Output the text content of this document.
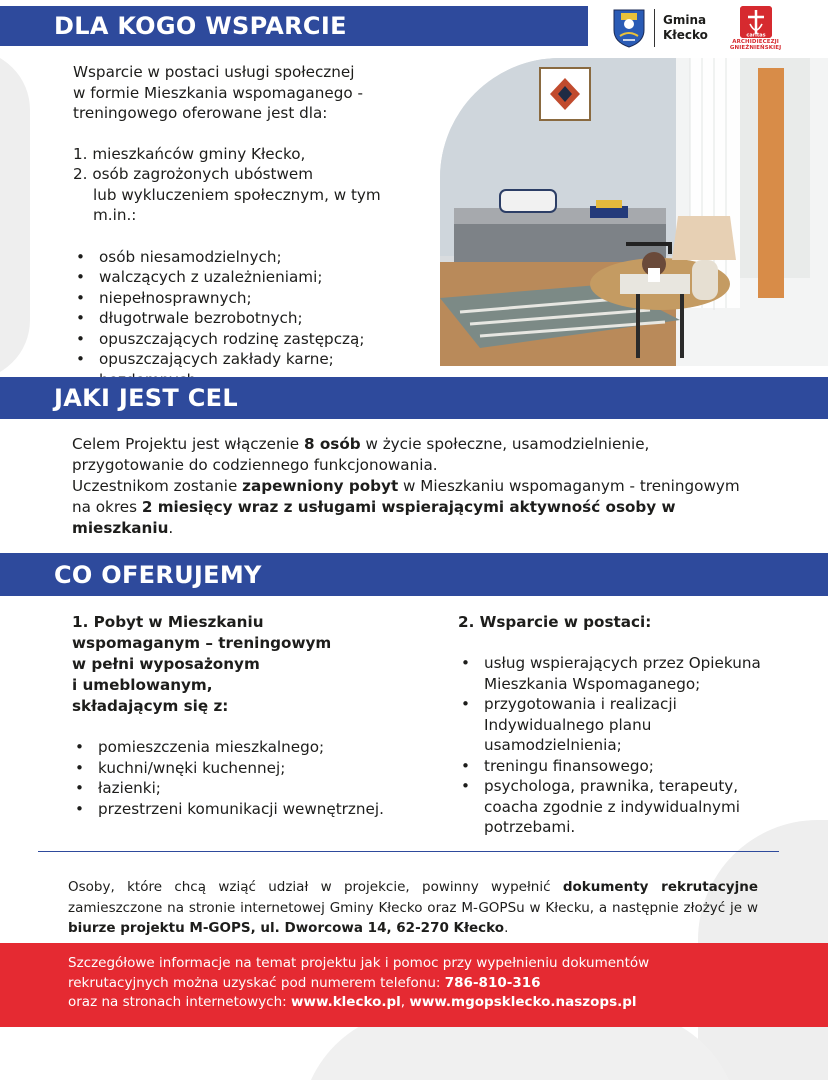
DLA KOGO WSPARCIE	Gmina
Kłecko	caritas
ARCHIDIECEZJI
GNIEŹNIEŃSKIEJ

Wsparcie w postaci usługi społecznej

w formie Mieszkania wspomaganego -

treningowego oferowane jest dla:

1. mieszkańców gminy Kłecko,

2. osób zagrożonych ubóstwem

lub wykluczeniem społecznym, w tym m.in.:

• osób niesamodzielnych;
• walczących z uzależnieniami;
• niepełnosprawnych;
• długotrwale bezrobotnych;
• opuszczających rodzinę zastępczą;
• opuszczających zakłady karne;
•
JAKI JEST CEL
Celem Projektu jest włączenie 8 osób w życie społeczne, usamodzielnienie, przygotowanie do codziennego funkcjonowania.
Uczestnikom zostanie zapewniony pobyt w Mieszkaniu wspomaganym - treningowym na okres 2 miesięcy wraz z usługami wspierającymi aktywność osoby w mieszkaniu.
CO OFERUJEMY
1. Pobyt w Mieszkaniu
wspomaganym – treningowym
w pełni wyposażonym
i umeblowanym,
składającym się z:
• pomieszczenia mieszkalnego;
• kuchni/wnęki kuchennej;
• łazienki;
• przestrzeni komunikacji wewnętrznej.
2. Wsparcie w postaci:
• usług wspierających przez Opiekuna Mieszkania Wspomaganego;
• przygotowania i realizacji Indywidualnego planu usamodzielnienia;
• treningu finansowego;
• psychologa, prawnika, terapeuty, coacha zgodnie z indywidualnymi potrzebami.
Osoby, które chcą wziąć udział w projekcie, powinny wypełnić dokumenty rekrutacyjne zamieszczone na stronie internetowej Gminy Kłecko oraz M-GOPSu w Kłecku, a następnie złożyć je w biurze projektu M-GOPS, ul. Dworcowa 14, 62-270 Kłecko.
Szczegółowe informacje na temat projektu jak i pomoc przy wypełnieniu dokumentów
rekrutacyjnych można uzyskać pod numerem telefonu: 786-810-316
oraz na stronach internetowych: www.klecko.pl, www.mgopsklecko.naszops.pl
